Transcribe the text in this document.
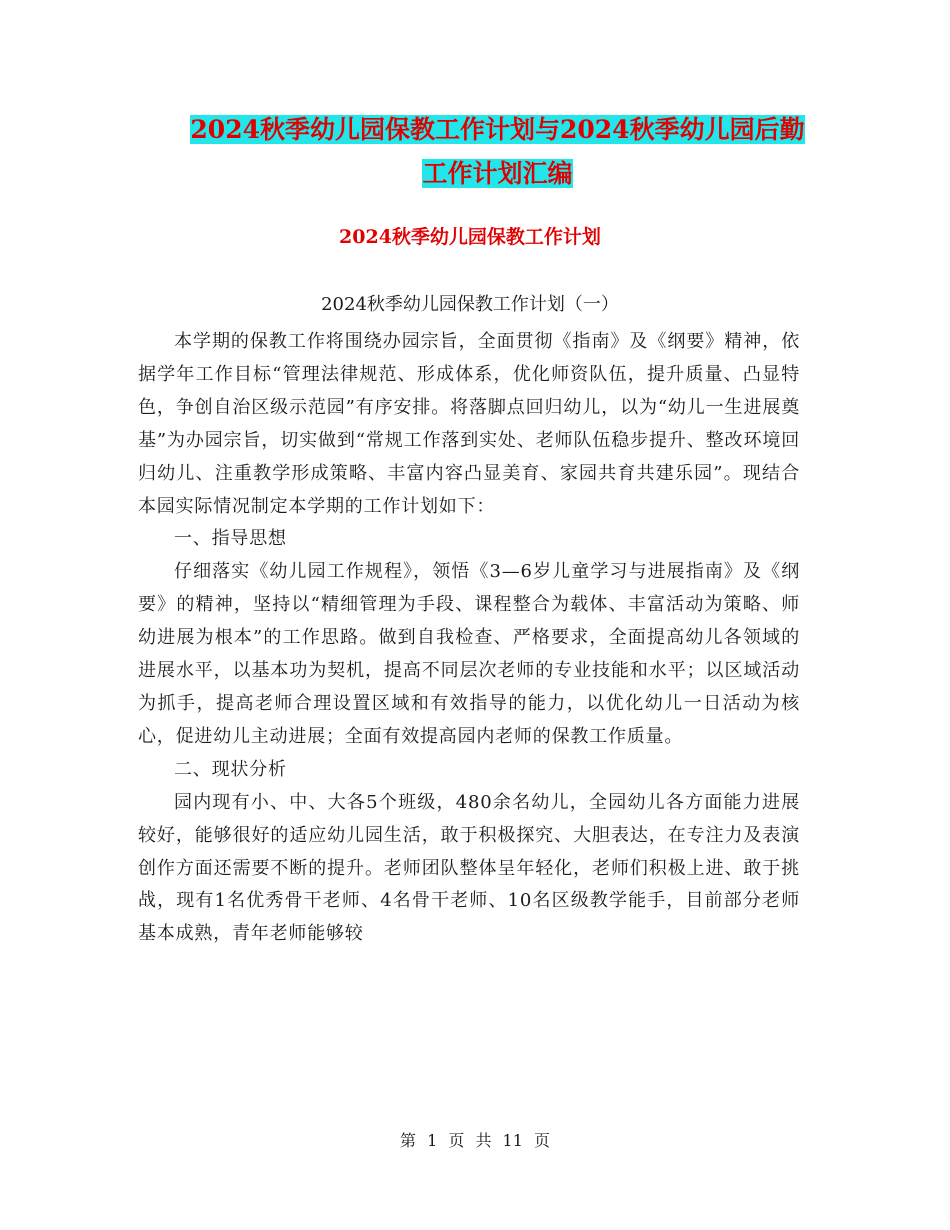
2024秋季幼儿园保教工作计划与2024秋季幼儿园后勤
工作计划汇编
2024秋季幼儿园保教工作计划
2024秋季幼儿园保教工作计划（一）

本学期的保教工作将围绕办园宗旨，全面贯彻《指南》及《纲要》精神，依据学年工作目标“管理法律规范、形成体系，优化师资队伍，提升质量、凸显特色，争创自治区级示范园”有序安排。将落脚点回归幼儿，以为“幼儿一生进展奠基”为办园宗旨，切实做到“常规工作落到实处、老师队伍稳步提升、整改环境回归幼儿、注重教学形成策略、丰富内容凸显美育、家园共育共建乐园”。现结合本园实际情况制定本学期的工作计划如下：

一、指导思想

仔细落实《幼儿园工作规程》，领悟《3—6岁儿童学习与进展指南》及《纲要》的精神，坚持以“精细管理为手段、课程整合为载体、丰富活动为策略、师幼进展为根本”的工作思路。做到自我检查、严格要求，全面提高幼儿各领域的进展水平，以基本功为契机，提高不同层次老师的专业技能和水平；以区域活动为抓手，提高老师合理设置区域和有效指导的能力，以优化幼儿一日活动为核心，促进幼儿主动进展；全面有效提高园内老师的保教工作质量。

二、现状分析

园内现有小、中、大各5个班级，480余名幼儿，全园幼儿各方面能力进展较好，能够很好的适应幼儿园生活，敢于积极探究、大胆表达，在专注力及表演创作方面还需要不断的提升。老师团队整体呈年轻化，老师们积极上进、敢于挑战，现有1名优秀骨干老师、4名骨干老师、10名区级教学能手，目前部分老师基本成熟，青年老师能够较

第 1 页 共 11 页
